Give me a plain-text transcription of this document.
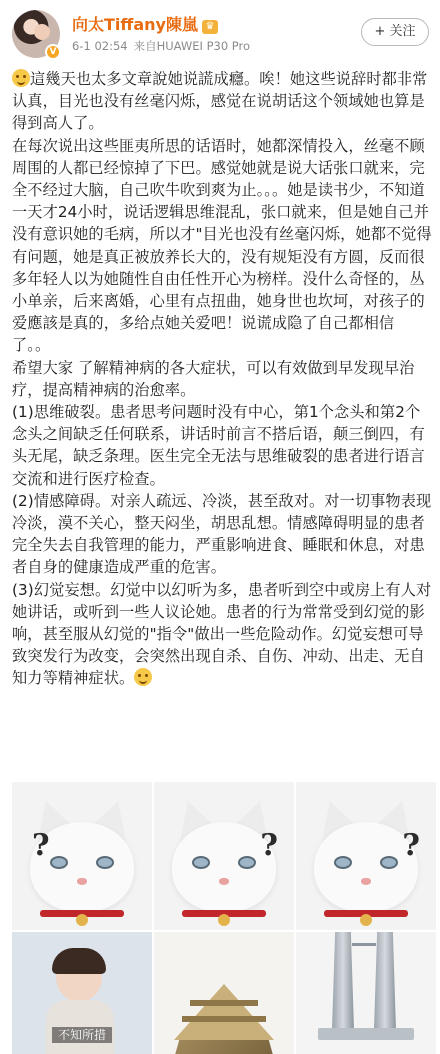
V
向太Tiffany陳嵐 ♛
6-1 02:54 来自HUAWEI P30 Pro
+ 关注

這幾天也太多文章說她说謊成癮。唉！她这些说辞时都非常认真，目光也没有丝毫闪烁，感觉在说胡话这个领域她也算是得到高人了。

在每次说出这些匪夷所思的话语时，她都深情投入，丝毫不顾周围的人都已经惊掉了下巴。感觉她就是说大话张口就来，完全不经过大脑，自己吹牛吹到爽为止。。。她是读书少，不知道一天才24小时，说话逻辑思维混乱，张口就来，但是她自己并没有意识她的毛病，所以才"目光也没有丝毫闪烁，她都不觉得有问题，她是真正被放养长大的，没有规矩没有方圆，反而很多年轻人以为她随性自由任性开心为榜样。没什么奇怪的，丛小单亲，后来离婚，心里有点扭曲，她身世也坎坷，对孩子的爱應該是真的，多给点她关爱吧！说谎成隐了自己都相信了。。

希望大家 了解精神病的各大症状，可以有效做到早发现早治疗，提高精神病的治愈率。

(1)思维破裂。患者思考问题时没有中心，第1个念头和第2个念头之间缺乏任何联系，讲话时前言不搭后语，颠三倒四，有头无尾，缺乏条理。医生完全无法与思维破裂的患者进行语言交流和进行医疗检查。

(2)情感障碍。对亲人疏远、冷淡，甚至敌对。对一切事物表现冷淡，漠不关心，整天闷坐，胡思乱想。情感障碍明显的患者完全失去自我管理的能力，严重影响进食、睡眠和休息，对患者自身的健康造成严重的危害。

(3)幻觉妄想。幻觉中以幻听为多，患者听到空中或房上有人对她讲话，或听到一些人议论她。患者的行为常常受到幻觉的影响，甚至服从幻觉的"指令"做出一些危险动作。幻觉妄想可导致突发行为改变，会突然出现自杀、自伤、冲动、出走、无自知力等精神症状。

?	?	?
不知所措
